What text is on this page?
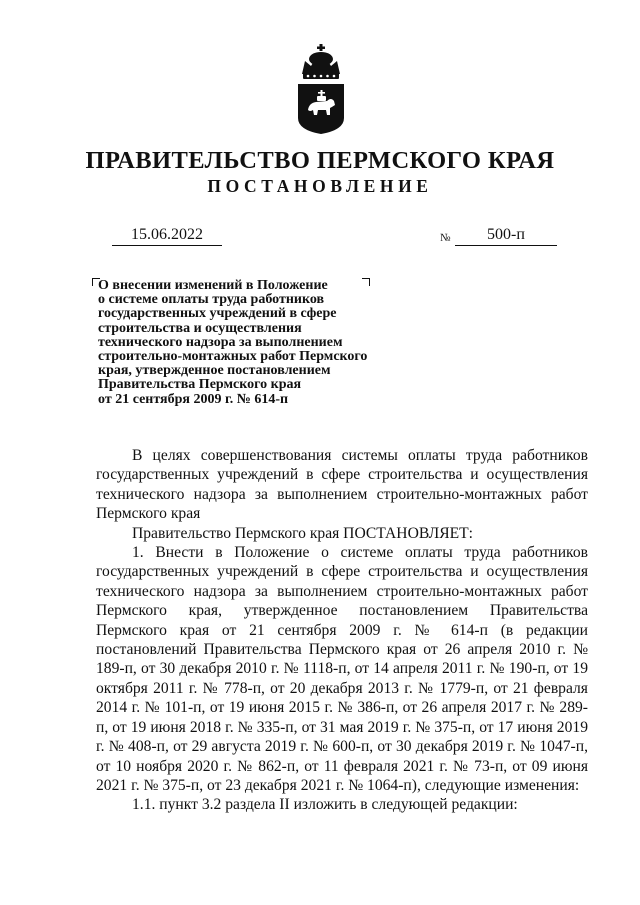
ПРАВИТЕЛЬСТВО ПЕРМСКОГО КРАЯ
ПОСТАНОВЛЕНИЕ
15.06.2022	№	500-п
О внесении изменений в Положение
о системе оплаты труда работников
государственных учреждений в сфере
строительства и осуществления
технического надзора за выполнением
строительно-монтажных работ Пермского
края, утвержденное постановлением
Правительства Пермского края
от 21 сентября 2009 г. № 614-п

В целях совершенствования системы оплаты труда работников государственных учреждений в сфере строительства и осуществления технического надзора за выполнением строительно-монтажных работ Пермского края

Правительство Пермского края ПОСТАНОВЛЯЕТ:

1. Внести в Положение о системе оплаты труда работников государственных учреждений в сфере строительства и осуществления технического надзора за выполнением строительно-монтажных работ Пермского края, утвержденное постановлением Правительства Пермского края от 21 сентября 2009 г. № 614-п (в редакции постановлений Правительства Пермского края от 26 апреля 2010 г. № 189-п, от 30 декабря 2010 г. № 1118-п, от 14 апреля 2011 г. № 190-п, от 19 октября 2011 г. № 778-п, от 20 декабря 2013 г. № 1779-п, от 21 февраля 2014 г. № 101-п, от 19 июня 2015 г. № 386-п, от 26 апреля 2017 г. № 289-п, от 19 июня 2018 г. № 335-п, от 31 мая 2019 г. № 375-п, от 17 июня 2019 г. № 408-п, от 29 августа 2019 г. № 600-п, от 30 декабря 2019 г. № 1047-п, от 10 ноября 2020 г. № 862-п, от 11 февраля 2021 г. № 73-п, от 09 июня 2021 г. № 375-п, от 23 декабря 2021 г. № 1064-п), следующие изменения:

1.1. пункт 3.2 раздела II изложить в следующей редакции:
